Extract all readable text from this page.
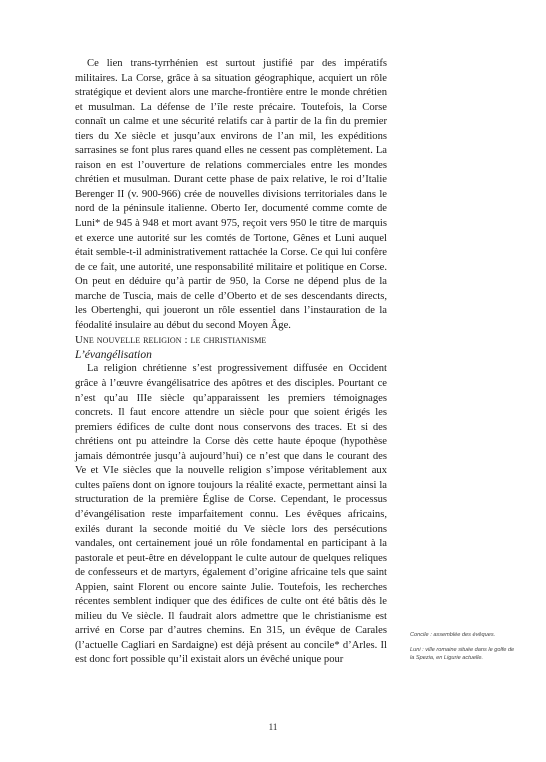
Ce lien trans-tyrrhénien est surtout justifié par des impératifs militaires. La Corse, grâce à sa situation géographique, acquiert un rôle stratégique et devient alors une marche-frontière entre le monde chrétien et musulman. La défense de l’île reste précaire. Toutefois, la Corse connaît un calme et une sécurité relatifs car à partir de la fin du premier tiers du Xe siècle et jusqu’aux environs de l’an mil, les expéditions sarrasines se font plus rares quand elles ne cessent pas complètement. La raison en est l’ouverture de relations commerciales entre les mondes chrétien et musulman. Durant cette phase de paix relative, le roi d’Italie Berenger II (v. 900-966) crée de nouvelles divisions territoriales dans le nord de la péninsule italienne. Oberto Ier, documenté comme comte de Luni* de 945 à 948 et mort avant 975, reçoit vers 950 le titre de marquis et exerce une autorité sur les comtés de Tortone, Gênes et Luni auquel était semble-t-il administrativement rattachée la Corse. Ce qui lui confère de ce fait, une autorité, une responsabilité militaire et politique en Corse. On peut en déduire qu’à partir de 950, la Corse ne dépend plus de la marche de Tuscia, mais de celle d’Oberto et de ses descendants directs, les Obertenghi, qui joueront un rôle essentiel dans l’instauration de la féodalité insulaire au début du second Moyen Âge.

Une nouvelle religion : le christianisme

L’évangélisation

La religion chrétienne s’est progressivement diffusée en Occident grâce à l’œuvre évangélisatrice des apôtres et des disciples. Pourtant ce n’est qu’au IIIe siècle qu’apparaissent les premiers témoignages concrets. Il faut encore attendre un siècle pour que soient érigés les premiers édifices de culte dont nous conservons des traces. Et si des chrétiens ont pu atteindre la Corse dès cette haute époque (hypothèse jamais démontrée jusqu’à aujourd’hui) ce n’est que dans le courant des Ve et VIe siècles que la nouvelle religion s’impose véritablement aux cultes païens dont on ignore toujours la réalité exacte, permettant ainsi la structuration de la première Église de Corse. Cependant, le processus d’évangélisation reste imparfaitement connu. Les évêques africains, exilés durant la seconde moitié du Ve siècle lors des persécutions vandales, ont certainement joué un rôle fondamental en participant à la pastorale et peut-être en développant le culte autour de quelques reliques de confesseurs et de martyrs, également d’origine africaine tels que saint Appien, saint Florent ou encore sainte Julie. Toutefois, les recherches récentes semblent indiquer que des édifices de culte ont été bâtis dès le milieu du Ve siècle. Il faudrait alors admettre que le christianisme est arrivé en Corse par d’autres chemins. En 315, un évêque de Carales (l’actuelle Cagliari en Sardaigne) est déjà présent au concile* d’Arles. Il est donc fort possible qu’il existait alors un évêché unique pour

Concile : assemblée des évêques.

Luni : ville romaine située dans le golfe de la Spezia, en Ligurie actuelle.

11
